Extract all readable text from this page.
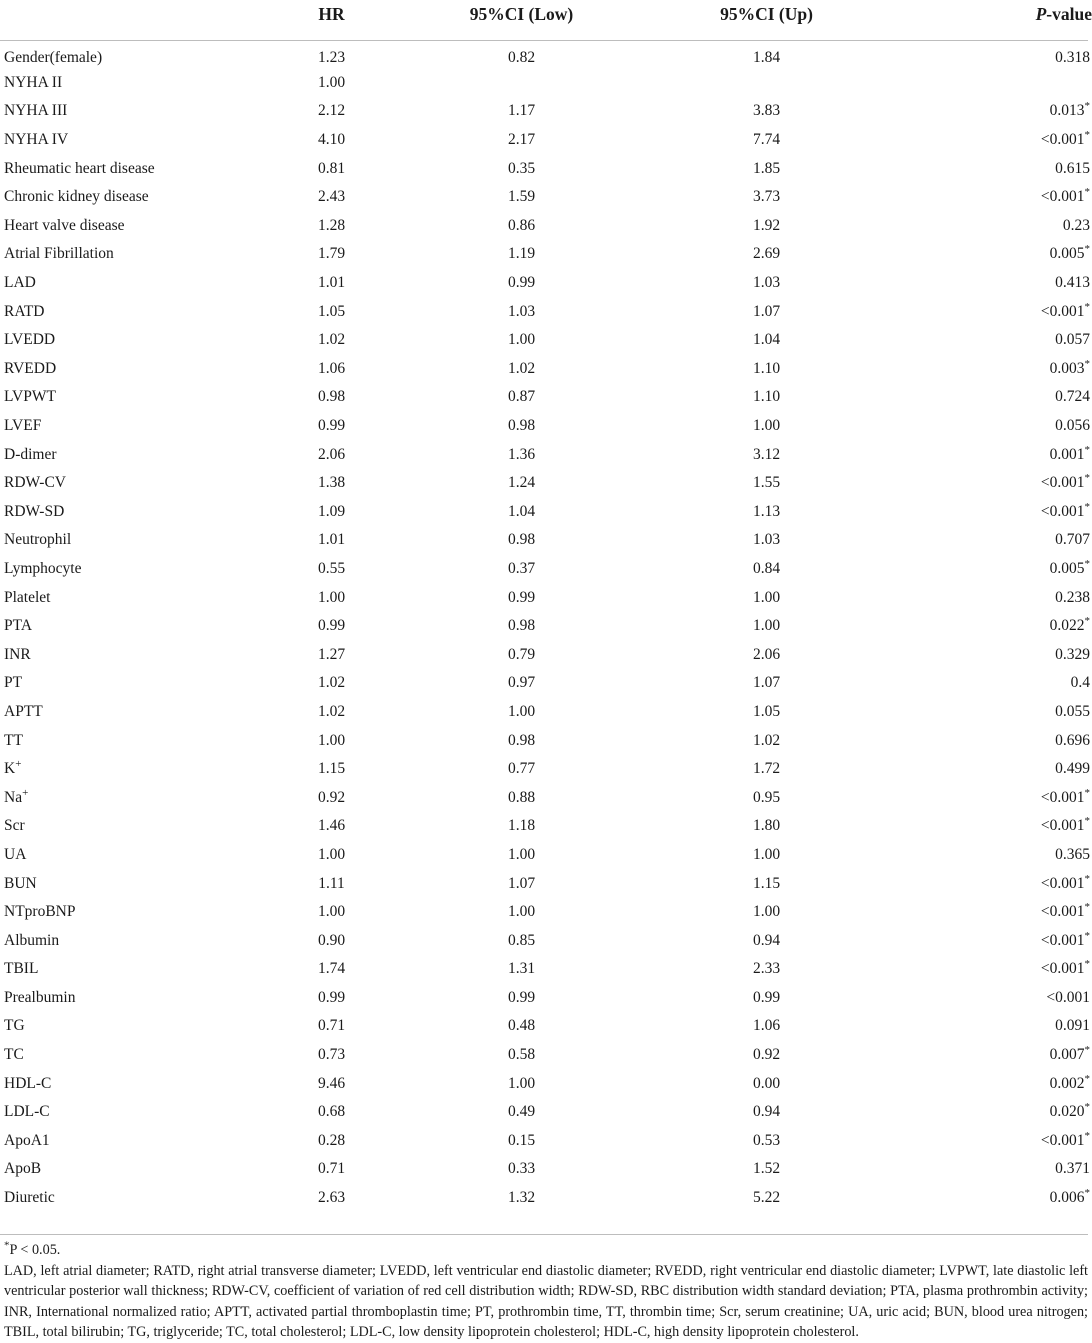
	HR	95%CI (Low)	95%CI (Up)	P-value
Gender(female)	1.23	0.82	1.84	0.318
NYHA II	1.00			
NYHA III	2.12	1.17	3.83	0.013*
NYHA IV	4.10	2.17	7.74	<0.001*
Rheumatic heart disease	0.81	0.35	1.85	0.615
Chronic kidney disease	2.43	1.59	3.73	<0.001*
Heart valve disease	1.28	0.86	1.92	0.23
Atrial Fibrillation	1.79	1.19	2.69	0.005*
LAD	1.01	0.99	1.03	0.413
RATD	1.05	1.03	1.07	<0.001*
LVEDD	1.02	1.00	1.04	0.057
RVEDD	1.06	1.02	1.10	0.003*
LVPWT	0.98	0.87	1.10	0.724
LVEF	0.99	0.98	1.00	0.056
D-dimer	2.06	1.36	3.12	0.001*
RDW-CV	1.38	1.24	1.55	<0.001*
RDW-SD	1.09	1.04	1.13	<0.001*
Neutrophil	1.01	0.98	1.03	0.707
Lymphocyte	0.55	0.37	0.84	0.005*
Platelet	1.00	0.99	1.00	0.238
PTA	0.99	0.98	1.00	0.022*
INR	1.27	0.79	2.06	0.329
PT	1.02	0.97	1.07	0.4
APTT	1.02	1.00	1.05	0.055
TT	1.00	0.98	1.02	0.696
K+	1.15	0.77	1.72	0.499
Na+	0.92	0.88	0.95	<0.001*
Scr	1.46	1.18	1.80	<0.001*
UA	1.00	1.00	1.00	0.365
BUN	1.11	1.07	1.15	<0.001*
NTproBNP	1.00	1.00	1.00	<0.001*
Albumin	0.90	0.85	0.94	<0.001*
TBIL	1.74	1.31	2.33	<0.001*
Prealbumin	0.99	0.99	0.99	<0.001
TG	0.71	0.48	1.06	0.091
TC	0.73	0.58	0.92	0.007*
HDL-C	9.46	1.00	0.00	0.002*
LDL-C	0.68	0.49	0.94	0.020*
ApoA1	0.28	0.15	0.53	<0.001*
ApoB	0.71	0.33	1.52	0.371
Diuretic	2.63	1.32	5.22	0.006*

*P < 0.05.

LAD, left atrial diameter; RATD, right atrial transverse diameter; LVEDD, left ventricular end diastolic diameter; RVEDD, right ventricular end diastolic diameter; LVPWT, late diastolic left ventricular posterior wall thickness; RDW-CV, coefficient of variation of red cell distribution width; RDW-SD, RBC distribution width standard deviation; PTA, plasma prothrombin activity; INR, International normalized ratio; APTT, activated partial thromboplastin time; PT, prothrombin time, TT, thrombin time; Scr, serum creatinine; UA, uric acid; BUN, blood urea nitrogen; TBIL, total bilirubin; TG, triglyceride; TC, total cholesterol; LDL-C, low density lipoprotein cholesterol; HDL-C, high density lipoprotein cholesterol.
